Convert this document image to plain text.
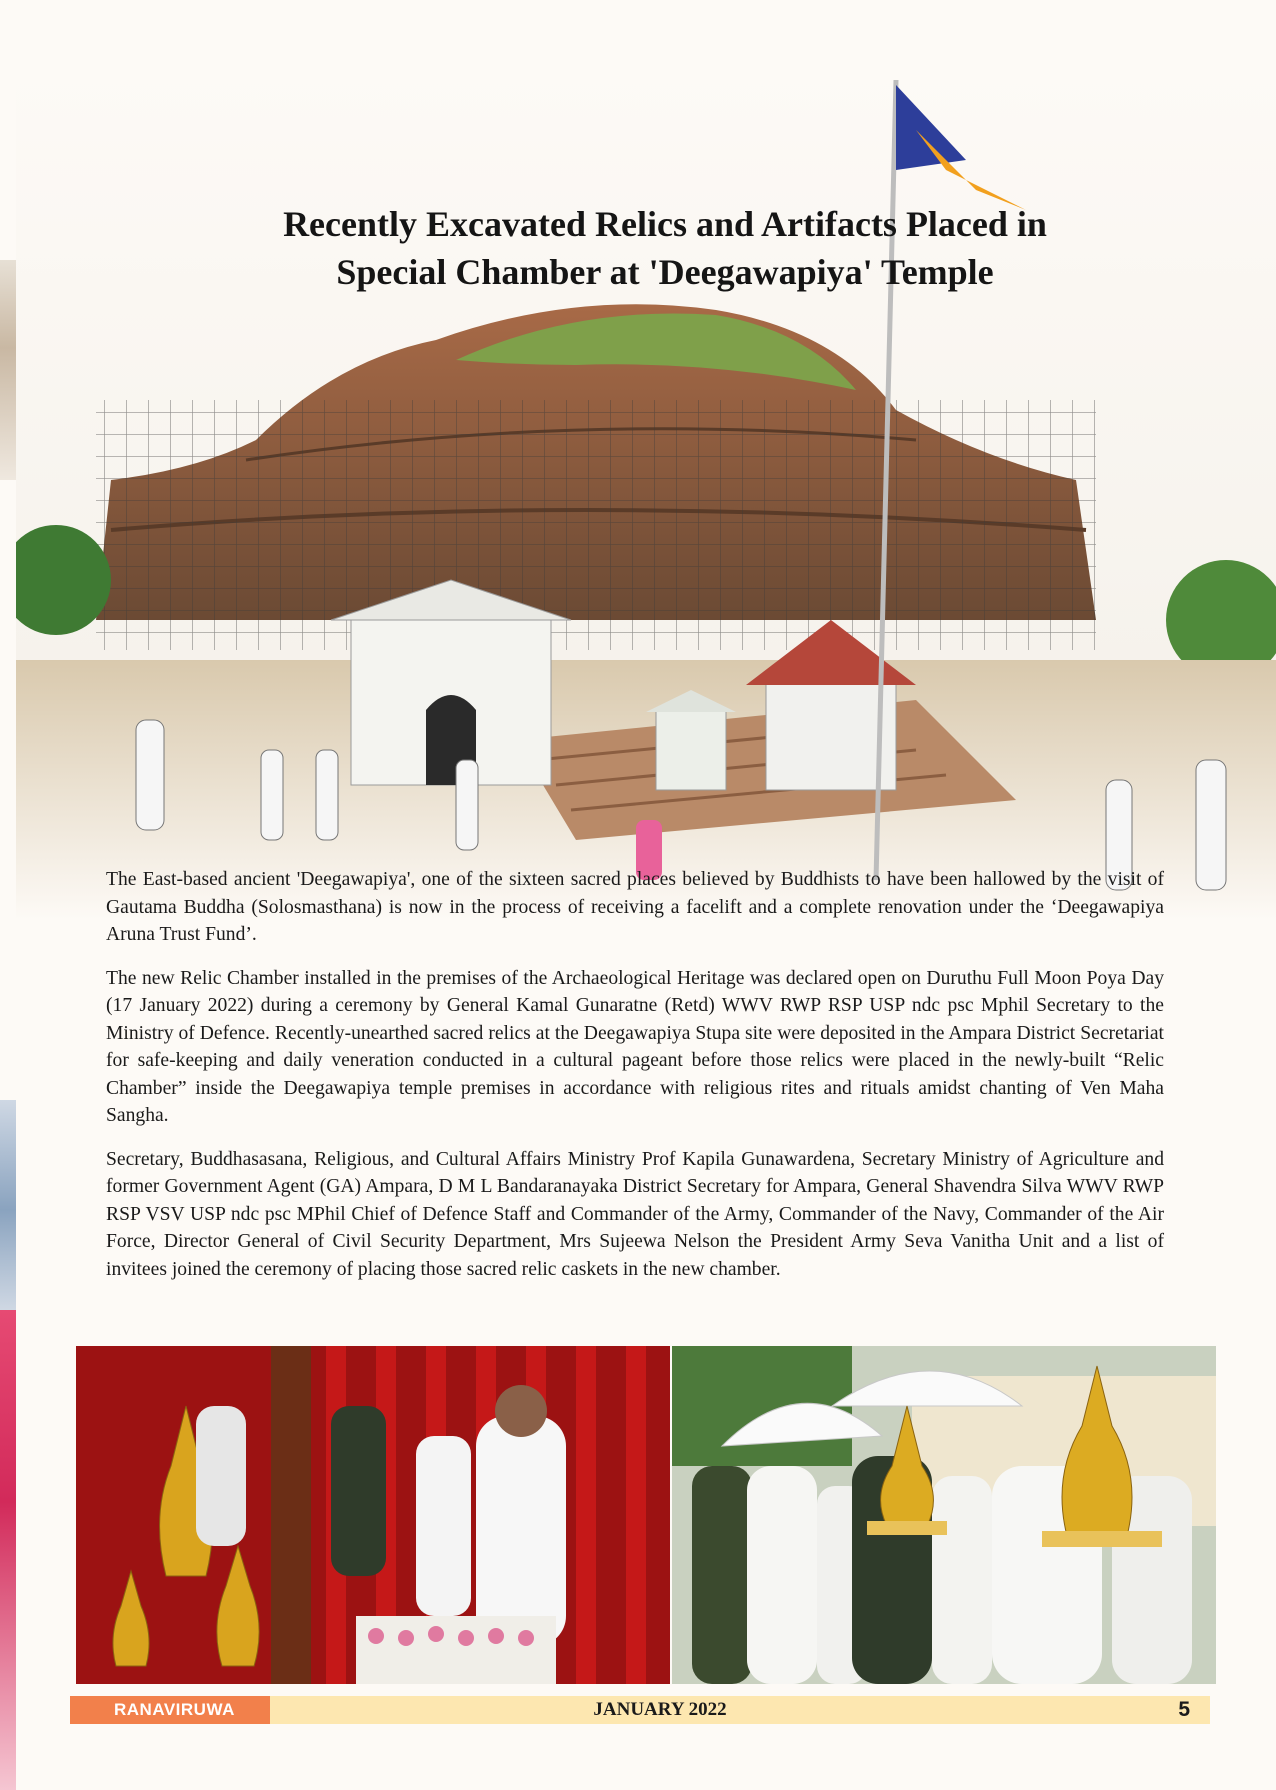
Recently Excavated Relics and Artifacts Placed in
Special Chamber at 'Deegawapiya' Temple

The East-based ancient 'Deegawapiya', one of the sixteen sacred places believed by Buddhists to have been hallowed by the visit of Gautama Buddha (Solosmasthana) is now in the process of receiving a facelift and a complete renovation under the ‘Deegawapiya Aruna Trust Fund’.

The new Relic Chamber installed in the premises of the Archaeological Heritage was declared open on Duruthu Full Moon Poya Day (17 January 2022) during a ceremony by General Kamal Gunaratne (Retd) WWV RWP RSP USP ndc psc Mphil Secretary to the Ministry of Defence. Recently-unearthed sacred relics at the Deegawapiya Stupa site were deposited in the Ampara District Secretariat for safe-keeping and daily veneration conducted in a cultural pageant before those relics were placed in the newly-built “Relic Chamber” inside the Deegawapiya temple premises in accordance with religious rites and rituals amidst chanting of Ven Maha Sangha.

Secretary, Buddhasasana, Religious, and Cultural Affairs Ministry Prof Kapila Gunawardena, Secretary Ministry of Agriculture and former Government Agent (GA) Ampara, D M L Bandaranayaka District Secretary for Ampara, General Shavendra Silva WWV RWP RSP VSV USP ndc psc MPhil Chief of Defence Staff and Commander of the Army, Commander of the Navy, Commander of the Air Force, Director General of Civil Security Department, Mrs Sujeewa Nelson the President Army Seva Vanitha Unit and a list of invitees joined the ceremony of placing those sacred relic caskets in the new chamber.

RANAVIRUWA	JANUARY 2022	5
